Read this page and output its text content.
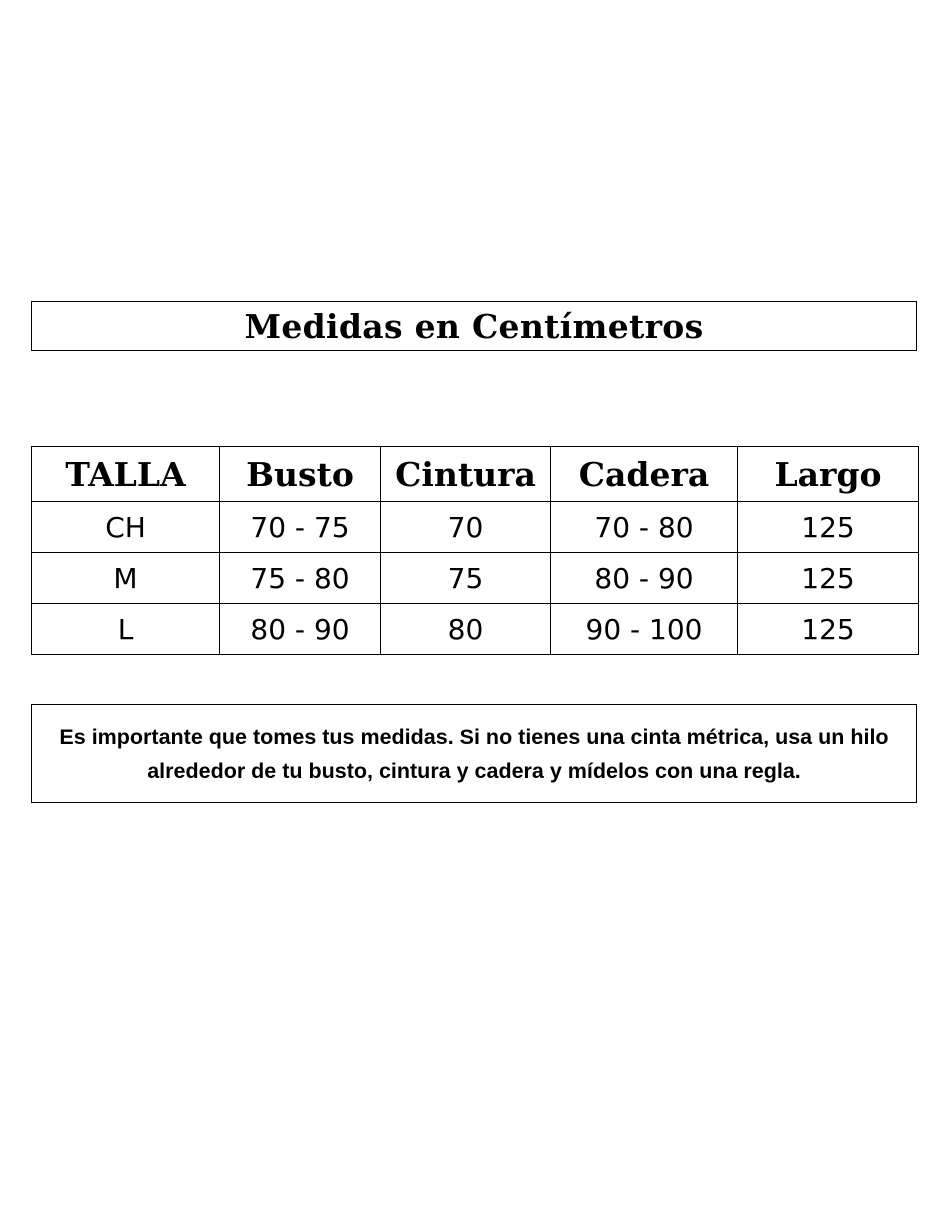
Medidas en Centímetros
TALLA	Busto	Cintura	Cadera	Largo
CH	70 - 75	70	70 - 80	125
M	75 - 80	75	80 - 90	125
L	80 - 90	80	90 - 100	125
Es importante que tomes tus medidas. Si no tienes una cinta métrica, usa un hilo
alrededor de tu busto, cintura y cadera y mídelos con una regla.
